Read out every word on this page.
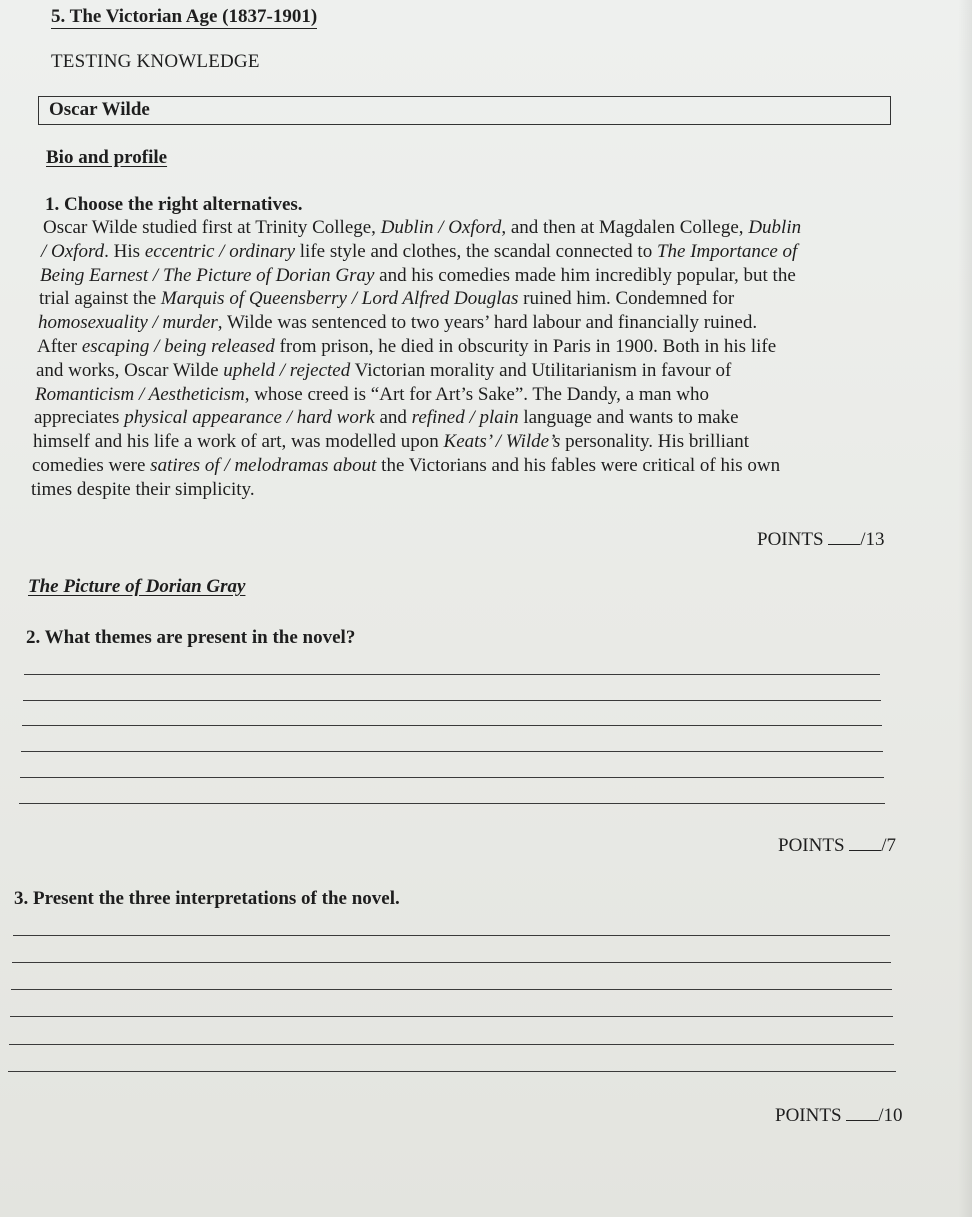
5. The Victorian Age (1837-1901)
TESTING KNOWLEDGE
Oscar Wilde
Bio and profile
1. Choose the right alternatives.
Oscar Wilde studied first at Trinity College, Dublin / Oxford, and then at Magdalen College, Dublin
/ Oxford. His eccentric / ordinary life style and clothes, the scandal connected to The Importance of
Being Earnest / The Picture of Dorian Gray and his comedies made him incredibly popular, but the
trial against the Marquis of Queensberry / Lord Alfred Douglas ruined him. Condemned for
homosexuality / murder, Wilde was sentenced to two years’ hard labour and financially ruined.
After escaping / being released from prison, he died in obscurity in Paris in 1900. Both in his life
and works, Oscar Wilde upheld / rejected Victorian morality and Utilitarianism in favour of
Romanticism / Aestheticism, whose creed is “Art for Art’s Sake”. The Dandy, a man who
appreciates physical appearance / hard work and refined / plain language and wants to make
himself and his life a work of art, was modelled upon Keats’ / Wilde’s personality. His brilliant
comedies were satires of / melodramas about the Victorians and his fables were critical of his own
times despite their simplicity.
POINTS /13
The Picture of Dorian Gray
2. What themes are present in the novel?
POINTS /7
3. Present the three interpretations of the novel.
POINTS /10
